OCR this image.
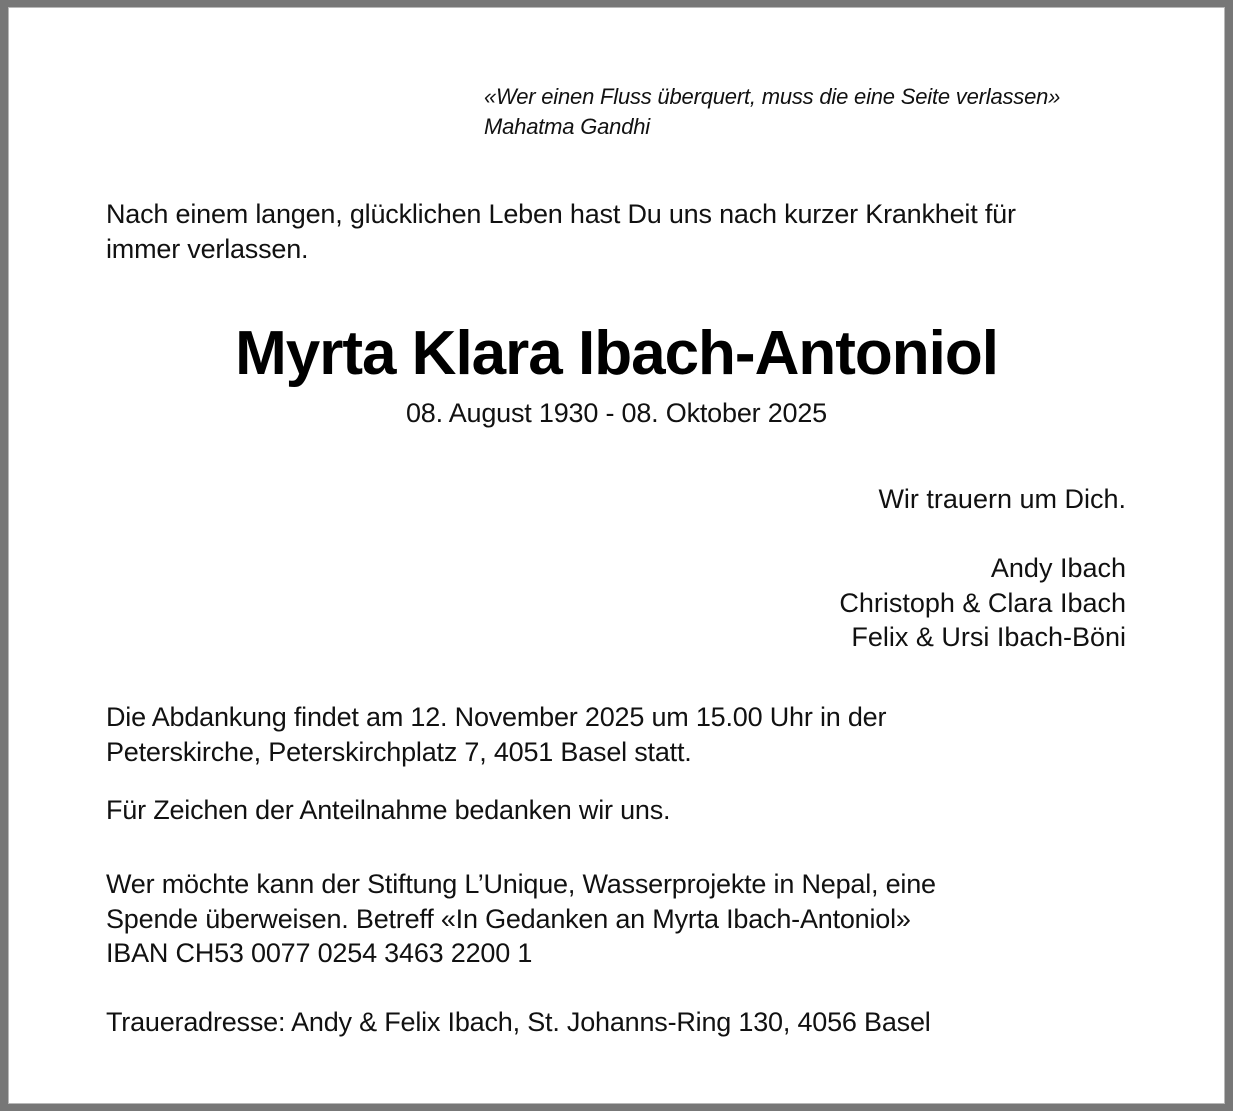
«Wer einen Fluss überquert, muss die eine Seite verlassen»
Mahatma Gandhi
Nach einem langen, glücklichen Leben hast Du uns nach kurzer Krankheit für
immer verlassen.
Myrta Klara Ibach-Antoniol
08. August 1930 - 08. Oktober 2025
Wir trauern um Dich.
Andy Ibach
Christoph & Clara Ibach
Felix & Ursi Ibach-Böni
Die Abdankung findet am 12. November 2025 um 15.00 Uhr in der
Peterskirche, Peterskirchplatz 7, 4051 Basel statt.
Für Zeichen der Anteilnahme bedanken wir uns.
Wer möchte kann der Stiftung L’Unique, Wasserprojekte in Nepal, eine
Spende überweisen. Betreff «In Gedanken an Myrta Ibach-Antoniol»
IBAN CH53 0077 0254 3463 2200 1
Traueradresse: Andy & Felix Ibach, St. Johanns-Ring 130, 4056 Basel
